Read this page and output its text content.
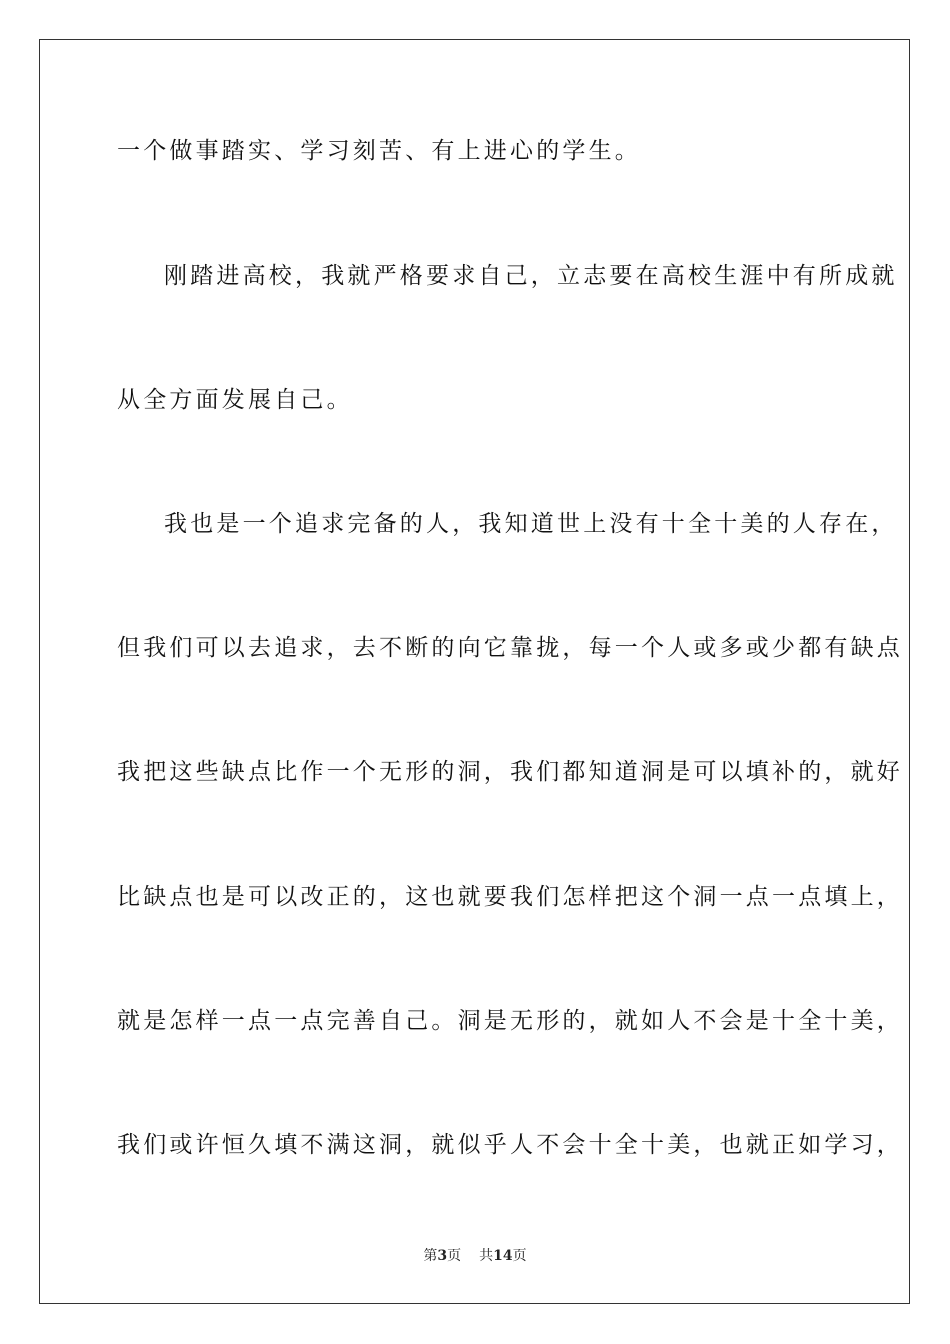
一个做事踏实、学习刻苦、有上进心的学生。
刚踏进高校，我就严格要求自己，立志要在高校生涯中有所成就
从全方面发展自己。
我也是一个追求完备的人，我知道世上没有十全十美的人存在，
但我们可以去追求，去不断的向它靠拢，每一个人或多或少都有缺点
我把这些缺点比作一个无形的洞，我们都知道洞是可以填补的，就好
比缺点也是可以改正的，这也就要我们怎样把这个洞一点一点填上，
就是怎样一点一点完善自己。洞是无形的，就如人不会是十全十美，
我们或许恒久填不满这洞，就似乎人不会十全十美，也就正如学习，
第3页 共14页
